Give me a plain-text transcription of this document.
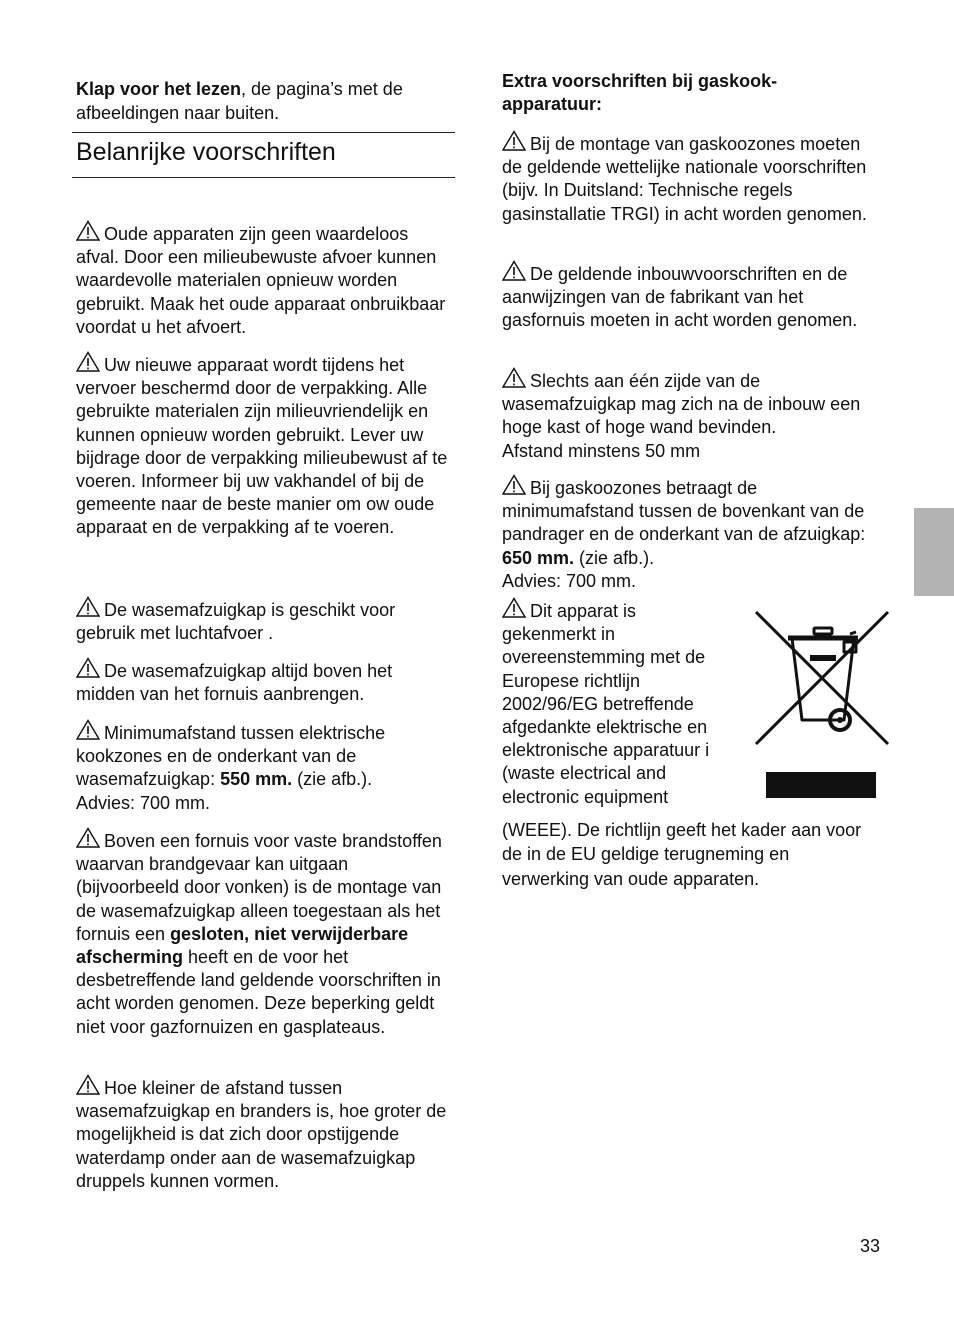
Klap voor het lezen, de pagina’s met de afbeeldingen naar buiten.

Belanrijke voorschriften

Oude apparaten zijn geen waardeloos afval. Door een milieubewuste afvoer kunnen waardevolle materialen opnieuw worden gebruikt. Maak het oude apparaat onbruikbaar voordat u het afvoert.

Uw nieuwe apparaat wordt tijdens het vervoer beschermd door de verpakking. Alle gebruikte materialen zijn milieuvriendelijk en kunnen opnieuw worden gebruikt. Lever uw bijdrage door de verpakking milieubewust af te voeren. Informeer bij uw vakhandel of bij de gemeente naar de beste manier om ow oude apparaat en de verpakking af te voeren.

De wasemafzuigkap is geschikt voor gebruik met luchtafvoer .

De wasemafzuigkap altijd boven het midden van het fornuis aanbrengen.

Minimumafstand tussen elektrische kookzones en de onderkant van de wasemafzuigkap: 550 mm. (zie afb.).
Advies: 700 mm.

Boven een fornuis voor vaste brandstoffen waarvan brandgevaar kan uitgaan (bijvoorbeeld door vonken) is de montage van de wasemafzuigkap alleen toegestaan als het fornuis een gesloten, niet verwijderbare afscherming heeft en de voor het desbetreffende land geldende voorschriften in acht worden genomen. Deze beperking geldt niet voor gazfornuizen en gasplateaus.

Hoe kleiner de afstand tussen wasemafzuigkap en branders is, hoe groter de mogelijkheid is dat zich door opstijgende waterdamp onder aan de wasemafzuigkap druppels kunnen vormen.

Extra voorschriften bij gaskook-apparatuur:

Bij de montage van gaskoozones moeten de geldende wettelijke nationale voorschriften (bijv. In Duitsland: Technische regels gasinstallatie TRGI) in acht worden genomen.

De geldende inbouwvoorschriften en de aanwijzingen van de fabrikant van het gasfornuis moeten in acht worden genomen.

Slechts aan één zijde van de wasemafzuigkap mag zich na de inbouw een hoge kast of hoge wand bevinden.
Afstand minstens 50 mm

Bij gaskoozones betraagt de minimumafstand tussen de bovenkant van de pandrager en de onderkant van de afzuigkap: 650 mm. (zie afb.).
Advies: 700 mm.

Dit apparat is
gekenmerkt in
overeenstemming met de
Europese richtlijn
2002/96/EG betreffende
afgedankte elektrische en
elektronische apparatuur i
(waste electrical and
electronic equipment

(WEEE). De richtlijn geeft het kader aan voor de in de EU geldige terugneming en verwerking van oude apparaten.

33
